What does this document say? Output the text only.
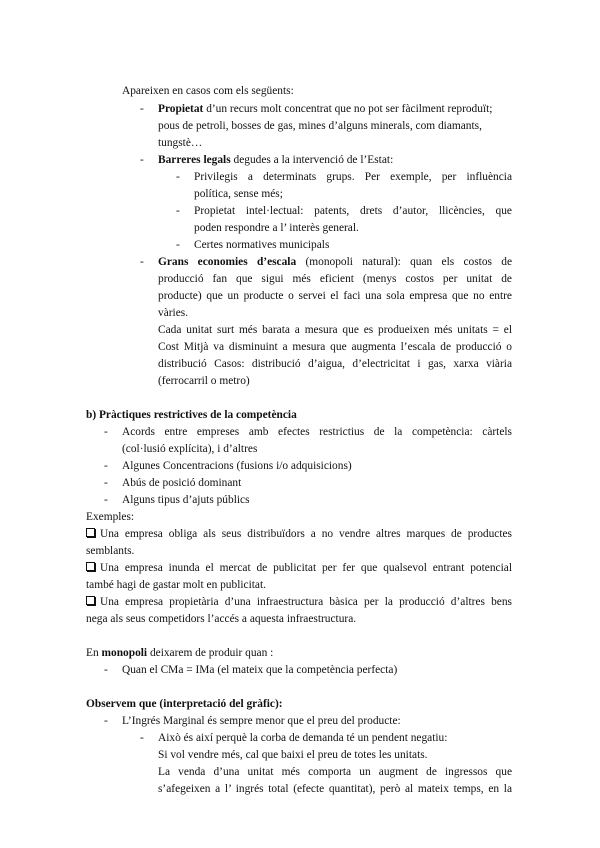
Apareixen en casos com els següents:
- Propietat d’un recurs molt concentrat que no pot ser fàcilment reproduït;
pous de petroli, bosses de gas, mines d’alguns minerals, com diamants,
tungstè…
- Barreres legals degudes a la intervenció de l’Estat:
- Privilegis a determinats grups. Per exemple, per influència
política, sense més;
- Propietat intel·lectual: patents, drets d’autor, llicències, que
poden respondre a l’ interès general.
- Certes normatives municipals
- Grans economies d’escala (monopoli natural): quan els costos de
producció fan que sigui més eficient (menys costos per unitat de
producte) que un producte o servei el faci una sola empresa que no entre
vàries.
Cada unitat surt més barata a mesura que es produeixen més unitats = el
Cost Mitjà va disminuint a mesura que augmenta l’escala de producció o
distribució Casos: distribució d’aigua, d’electricitat i gas, xarxa viària
(ferrocarril o metro)
b) Pràctiques restrictives de la competència
- Acords entre empreses amb efectes restrictius de la competència: càrtels
(col·lusió explícita), i d’altres
- Algunes Concentracions (fusions i/o adquisicions)
- Abús de posició dominant
- Alguns tipus d’ajuts públics
Exemples:
Una empresa obliga als seus distribuïdors a no vendre altres marques de productes
semblants.
Una empresa inunda el mercat de publicitat per fer que qualsevol entrant potencial
també hagi de gastar molt en publicitat.
Una empresa propietària d’una infraestructura bàsica per la producció d’altres bens
nega als seus competidors l’accés a aquesta infraestructura.
En monopoli deixarem de produir quan :
- Quan el CMa = IMa (el mateix que la competència perfecta)
Observem que (interpretació del gràfic):
- L’Ingrés Marginal és sempre menor que el preu del producte:
- Això és així perquè la corba de demanda té un pendent negatiu:
Si vol vendre més, cal que baixi el preu de totes les unitats.
La venda d’una unitat més comporta un augment de ingressos que
s’afegeixen a l’ ingrés total (efecte quantitat), però al mateix temps, en la
